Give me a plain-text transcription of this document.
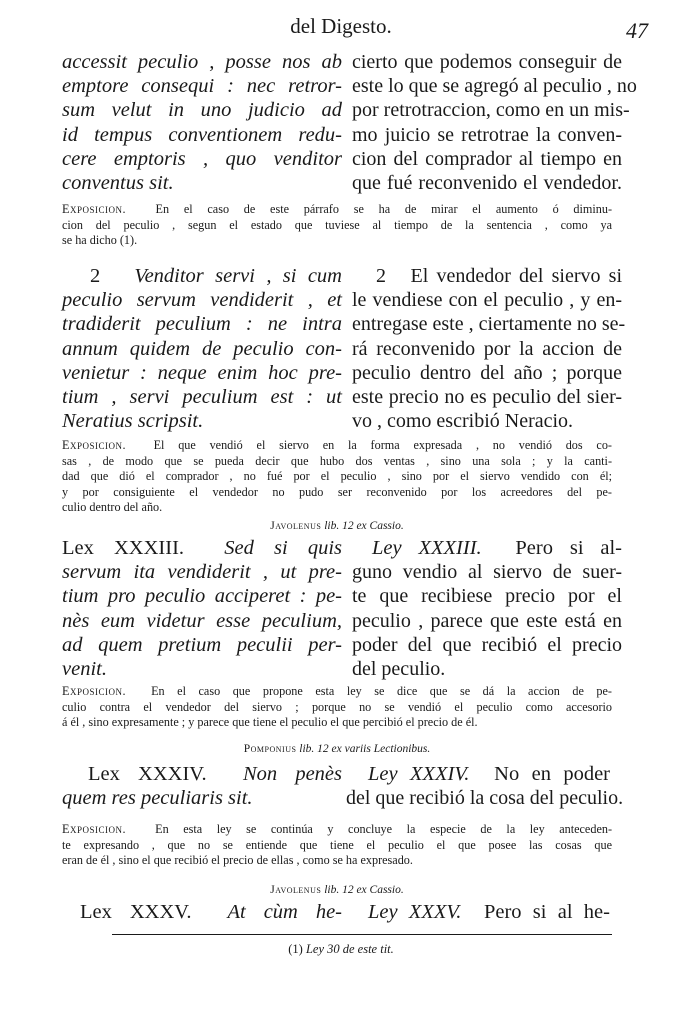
del Digesto.	47
accessit peculio , posse nos ab
emptore consequi : nec retror-
sum velut in uno judicio ad
id tempus conventionem redu-
cere emptoris , quo venditor
conventus sit.
cierto que podemos conseguir de
este lo que se agregó al peculio , no
por retrotraccion, como en un mis-
mo juicio se retrotrae la conven-
cion del comprador al tiempo en
que fué reconvenido el vendedor.
Exposicion. En el caso de este párrafo se ha de mirar el aumento ó diminu-
cion del peculio , segun el estado que tuviese al tiempo de la sentencia , como ya
se ha dicho (1).
2 Venditor servi , si cum
peculio servum vendiderit , et
tradiderit peculium : ne intra
annum quidem de peculio con-
venietur : neque enim hoc pre-
tium , servi peculium est : ut
Neratius scripsit.
2 El vendedor del siervo si
le vendiese con el peculio , y en-
entregase este , ciertamente no se-
rá reconvenido por la accion de
peculio dentro del año ; porque
este precio no es peculio del sier-
vo , como escribió Neracio.
Exposicion. El que vendió el siervo en la forma expresada , no vendió dos co-
sas , de modo que se pueda decir que hubo dos ventas , sino una sola ; y la canti-
dad que dió el comprador , no fué por el peculio , sino por el siervo vendido con él;
y por consiguiente el vendedor no pudo ser reconvenido por los acreedores del pe-
culio dentro del año.
Javolenus lib. 12 ex Cassio.
Lex XXXIII. Sed si quis
servum ita vendiderit , ut pre-
tium pro peculio acciperet : pe-
nès eum videtur esse peculium,
ad quem pretium peculii per-
venit.
Ley XXXIII. Pero si al-
guno vendio al siervo de suer-
te que recibiese precio por el
peculio , parece que este está en
poder del que recibió el precio
del peculio.
Exposicion. En el caso que propone esta ley se dice que se dá la accion de pe-
culio contra el vendedor del siervo ; porque no se vendió el peculio como accesorio
á él , sino expresamente ; y parece que tiene el peculio el que percibió el precio de él.
Pomponius lib. 12 ex variis Lectionibus.
Lex XXXIV. Non penès
quem res peculiaris sit.
Ley XXXIV. No en poder
del que recibió la cosa del peculio.
Exposicion. En esta ley se continúa y concluye la especie de la ley anteceden-
te expresando , que no se entiende que tiene el peculio el que posee las cosas que
eran de él , sino el que recibió el precio de ellas , como se ha expresado.
Javolenus lib. 12 ex Cassio.
Lex XXXV. At cùm he- Ley XXXV. Pero si al he-
(1) Ley 30 de este tit.
